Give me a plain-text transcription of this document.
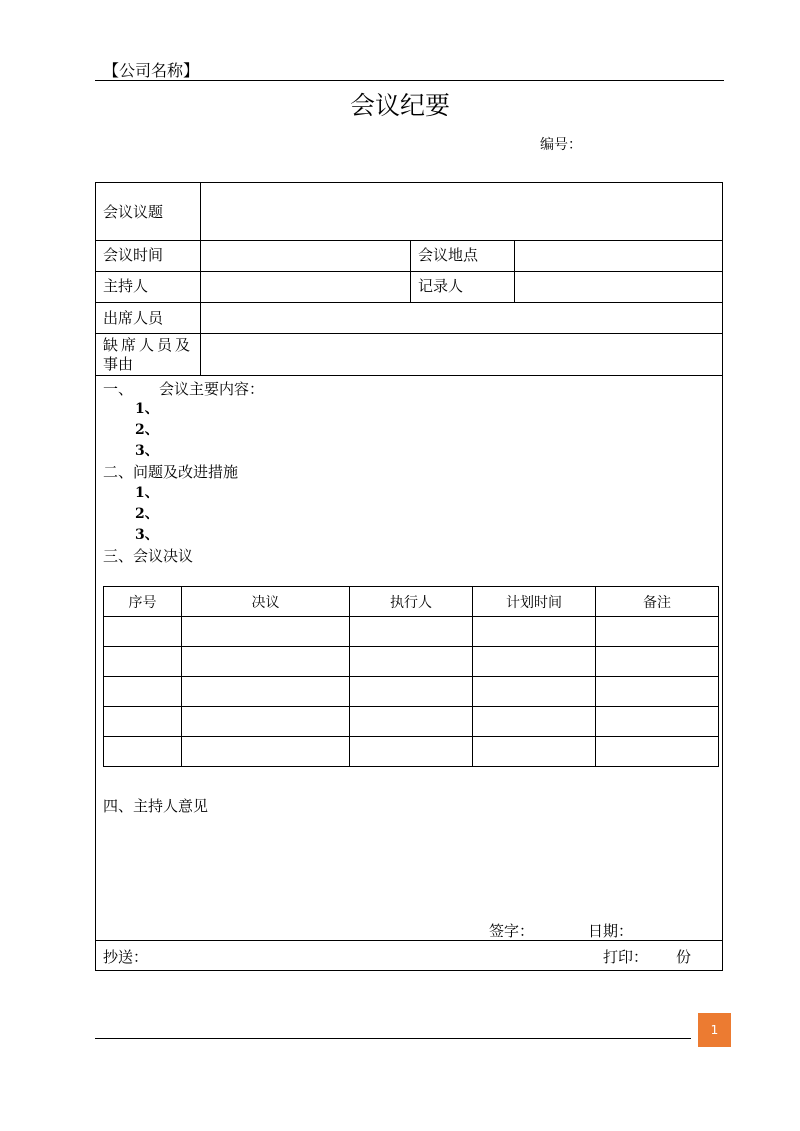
【公司名称】
会议纪要
编号：
会议议题
会议时间	会议地点
主持人	记录人
出席人员
缺席人员及
事由
一、 会议主要内容：
1、
2、
3、
二、问题及改进措施
1、
2、
3、
三、会议决议
序号	决议	执行人	计划时间	备注

四、主持人意见
签字：	日期：
抄送：	打印： 份
1
